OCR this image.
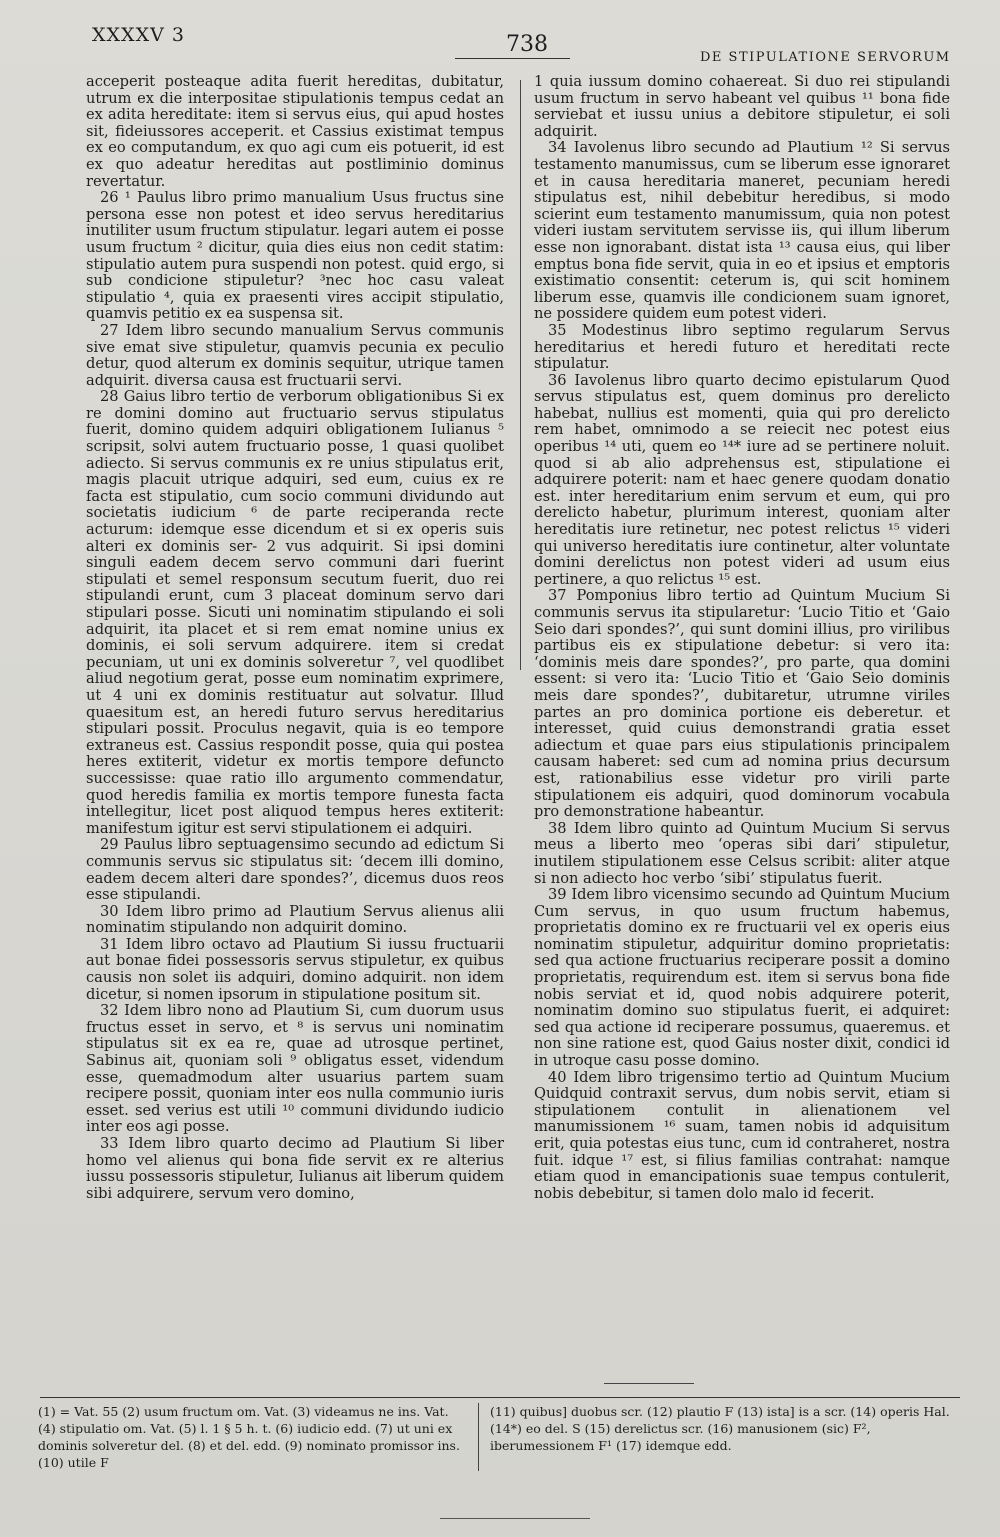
XXXXV 3	738
DE STIPULATIONE SERVORUM

acceperit posteaque adita fuerit hereditas, dubitatur, utrum ex die interpositae stipulationis tempus cedat an ex adita hereditate: item si servus eius, qui apud hostes sit, fideiussores acceperit. et Cassius existimat tempus ex eo computandum, ex quo agi cum eis potuerit, id est ex quo adeatur hereditas aut postliminio dominus revertatur.

26 ¹ Paulus libro primo manualium Usus fructus sine persona esse non potest et ideo servus hereditarius inutiliter usum fructum stipulatur. legari autem ei posse usum fructum ² dicitur, quia dies eius non cedit statim: stipulatio autem pura suspendi non potest. quid ergo, si sub condicione stipuletur? ³nec hoc casu valeat stipulatio ⁴, quia ex praesenti vires accipit stipulatio, quamvis petitio ex ea suspensa sit.

27 Idem libro secundo manualium Servus communis sive emat sive stipuletur, quamvis pecunia ex peculio detur, quod alterum ex dominis sequitur, utrique tamen adquirit. diversa causa est fructuarii servi.

28 Gaius libro tertio de verborum obligationibus Si ex re domini domino aut fructuario servus stipulatus fuerit, domino quidem adquiri obligationem Iulianus ⁵ scripsit, solvi autem fructuario posse, 1 quasi quolibet adiecto. Si servus communis ex re unius stipulatus erit, magis placuit utrique adquiri, sed eum, cuius ex re facta est stipulatio, cum socio communi dividundo aut societatis iudicium ⁶ de parte reciperanda recte acturum: idemque esse dicendum et si ex operis suis alteri ex dominis ser- 2 vus adquirit. Si ipsi domini singuli eadem decem servo communi dari fuerint stipulati et semel responsum secutum fuerit, duo rei stipulandi erunt, cum 3 placeat dominum servo dari stipulari posse. Sicuti uni nominatim stipulando ei soli adquirit, ita placet et si rem emat nomine unius ex dominis, ei soli servum adquirere. item si credat pecuniam, ut uni ex dominis solveretur ⁷, vel quodlibet aliud negotium gerat, posse eum nominatim exprimere, ut 4 uni ex dominis restituatur aut solvatur. Illud quaesitum est, an heredi futuro servus hereditarius stipulari possit. Proculus negavit, quia is eo tempore extraneus est. Cassius respondit posse, quia qui postea heres extiterit, videtur ex mortis tempore defuncto successisse: quae ratio illo argumento commendatur, quod heredis familia ex mortis tempore funesta facta intellegitur, licet post aliquod tempus heres extiterit: manifestum igitur est servi stipulationem ei adquiri.

29 Paulus libro septuagensimo secundo ad edictum Si communis servus sic stipulatus sit: ‘decem illi domino, eadem decem alteri dare spondes?’, dicemus duos reos esse stipulandi.

30 Idem libro primo ad Plautium Servus alienus alii nominatim stipulando non adquirit domino.

31 Idem libro octavo ad Plautium Si iussu fructuarii aut bonae fidei possessoris servus stipuletur, ex quibus causis non solet iis adquiri, domino adquirit. non idem dicetur, si nomen ipsorum in stipulatione positum sit.

32 Idem libro nono ad Plautium Si, cum duorum usus fructus esset in servo, et ⁸ is servus uni nominatim stipulatus sit ex ea re, quae ad utrosque pertinet, Sabinus ait, quoniam soli ⁹ obligatus esset, videndum esse, quemadmodum alter usuarius partem suam recipere possit, quoniam inter eos nulla communio iuris esset. sed verius est utili ¹⁰ communi dividundo iudicio inter eos agi posse.

33 Idem libro quarto decimo ad Plautium Si liber homo vel alienus qui bona fide servit ex re alterius iussu possessoris stipuletur, Iulianus ait liberum quidem sibi adquirere, servum vero domino,

1 quia iussum domino cohaereat. Si duo rei stipulandi usum fructum in servo habeant vel quibus ¹¹ bona fide serviebat et iussu unius a debitore stipuletur, ei soli adquirit.

34 Iavolenus libro secundo ad Plautium ¹² Si servus testamento manumissus, cum se liberum esse ignoraret et in causa hereditaria maneret, pecuniam heredi stipulatus est, nihil debebitur heredibus, si modo scierint eum testamento manumissum, quia non potest videri iustam servitutem servisse iis, qui illum liberum esse non ignorabant. distat ista ¹³ causa eius, qui liber emptus bona fide servit, quia in eo et ipsius et emptoris existimatio consentit: ceterum is, qui scit hominem liberum esse, quamvis ille condicionem suam ignoret, ne possidere quidem eum potest videri.

35 Modestinus libro septimo regularum Servus hereditarius et heredi futuro et hereditati recte stipulatur.

36 Iavolenus libro quarto decimo epistularum Quod servus stipulatus est, quem dominus pro derelicto habebat, nullius est momenti, quia qui pro derelicto rem habet, omnimodo a se reiecit nec potest eius operibus ¹⁴ uti, quem eo ¹⁴* iure ad se pertinere noluit. quod si ab alio adprehensus est, stipulatione ei adquirere poterit: nam et haec genere quodam donatio est. inter hereditarium enim servum et eum, qui pro derelicto habetur, plurimum interest, quoniam alter hereditatis iure retinetur, nec potest relictus ¹⁵ videri qui universo hereditatis iure continetur, alter voluntate domini derelictus non potest videri ad usum eius pertinere, a quo relictus ¹⁵ est.

37 Pomponius libro tertio ad Quintum Mucium Si communis servus ita stipularetur: ‘Lucio Titio et ‘Gaio Seio dari spondes?’, qui sunt domini illius, pro virilibus partibus eis ex stipulatione debetur: si vero ita: ‘dominis meis dare spondes?’, pro parte, qua domini essent: si vero ita: ‘Lucio Titio et ‘Gaio Seio dominis meis dare spondes?’, dubitaretur, utrumne viriles partes an pro dominica portione eis deberetur. et interesset, quid cuius demonstrandi gratia esset adiectum et quae pars eius stipulationis principalem causam haberet: sed cum ad nomina prius decursum est, rationabilius esse videtur pro virili parte stipulationem eis adquiri, quod dominorum vocabula pro demonstratione habeantur.

38 Idem libro quinto ad Quintum Mucium Si servus meus a liberto meo ‘operas sibi dari’ stipuletur, inutilem stipulationem esse Celsus scribit: aliter atque si non adiecto hoc verbo ‘sibi’ stipulatus fuerit.

39 Idem libro vicensimo secundo ad Quintum Mucium Cum servus, in quo usum fructum habemus, proprietatis domino ex re fructuarii vel ex operis eius nominatim stipuletur, adquiritur domino proprietatis: sed qua actione fructuarius reciperare possit a domino proprietatis, requirendum est. item si servus bona fide nobis serviat et id, quod nobis adquirere poterit, nominatim domino suo stipulatus fuerit, ei adquiret: sed qua actione id reciperare possumus, quaeremus. et non sine ratione est, quod Gaius noster dixit, condici id in utroque casu posse domino.

40 Idem libro trigensimo tertio ad Quintum Mucium Quidquid contraxit servus, dum nobis servit, etiam si stipulationem contulit in alienationem vel manumissionem ¹⁶ suam, tamen nobis id adquisitum erit, quia potestas eius tunc, cum id contraheret, nostra fuit. idque ¹⁷ est, si filius familias contrahat: namque etiam quod in emancipationis suae tempus contulerit, nobis debebitur, si tamen dolo malo id fecerit.

(1) = Vat. 55 (2) usum fructum om. Vat. (3) videamus ne ins. Vat. (4) stipulatio om. Vat. (5) l. 1 § 5 h. t. (6) iudicio edd. (7) ut uni ex dominis solveretur del. (8) et del. edd. (9) nominato promissor ins. (10) utile F
(11) quibus] duobus scr. (12) plautio F (13) ista] is a scr. (14) operis Hal. (14*) eo del. S (15) derelictus scr. (16) manusionem (sic) F², iberumessionem F¹ (17) idemque edd.
